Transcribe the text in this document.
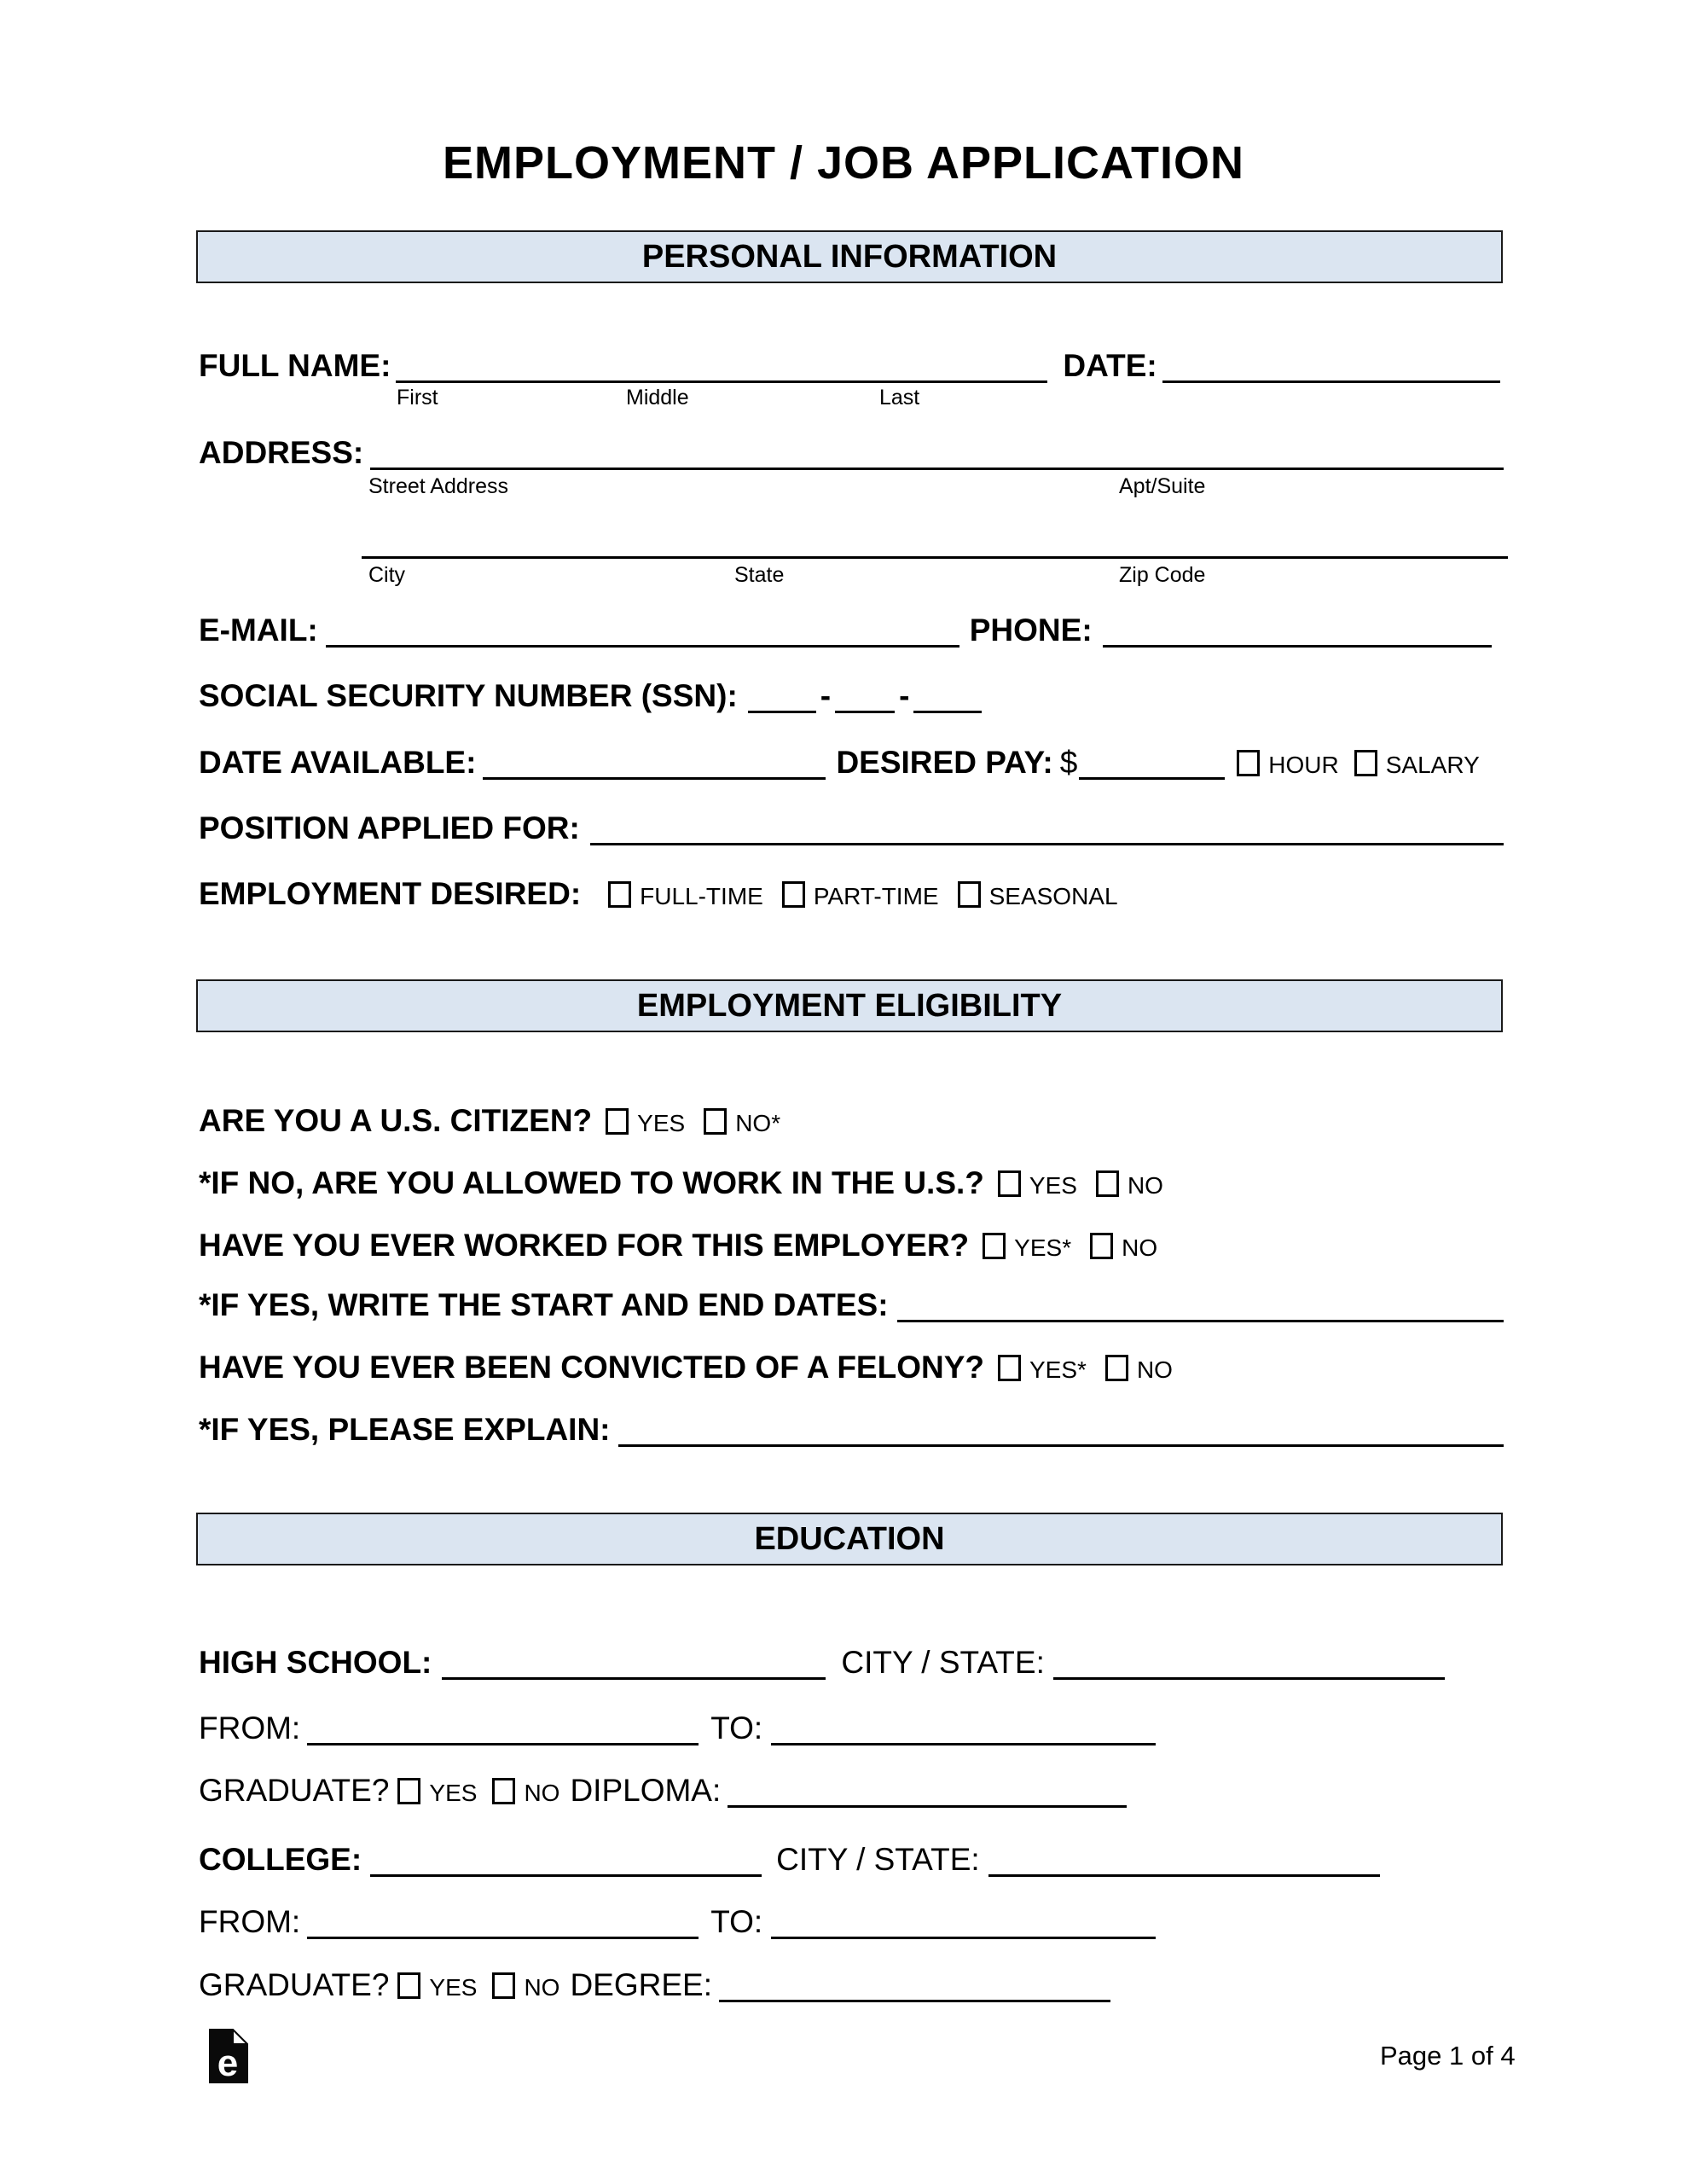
EMPLOYMENT / JOB APPLICATION
PERSONAL INFORMATION
FULL NAME:	DATE:
First	Middle	Last
ADDRESS:
Street Address	Apt/Suite
City	State	Zip Code
E-MAIL:	PHONE:
SOCIAL SECURITY NUMBER (SSN):	- -
DATE AVAILABLE:	DESIRED PAY: $	HOUR SALARY
POSITION APPLIED FOR:
EMPLOYMENT DESIRED: FULL-TIME PART-TIME SEASONAL
EMPLOYMENT ELIGIBILITY
ARE YOU A U.S. CITIZEN? YES NO*
*IF NO, ARE YOU ALLOWED TO WORK IN THE U.S.? YES NO
HAVE YOU EVER WORKED FOR THIS EMPLOYER? YES* NO
*IF YES, WRITE THE START AND END DATES:
HAVE YOU EVER BEEN CONVICTED OF A FELONY? YES* NO
*IF YES, PLEASE EXPLAIN:
EDUCATION
HIGH SCHOOL:	CITY / STATE:
FROM:	TO:
GRADUATE? YES NO DIPLOMA:
COLLEGE:	CITY / STATE:
FROM:	TO:
GRADUATE? YES NO DEGREE:
e	Page 1 of 4
